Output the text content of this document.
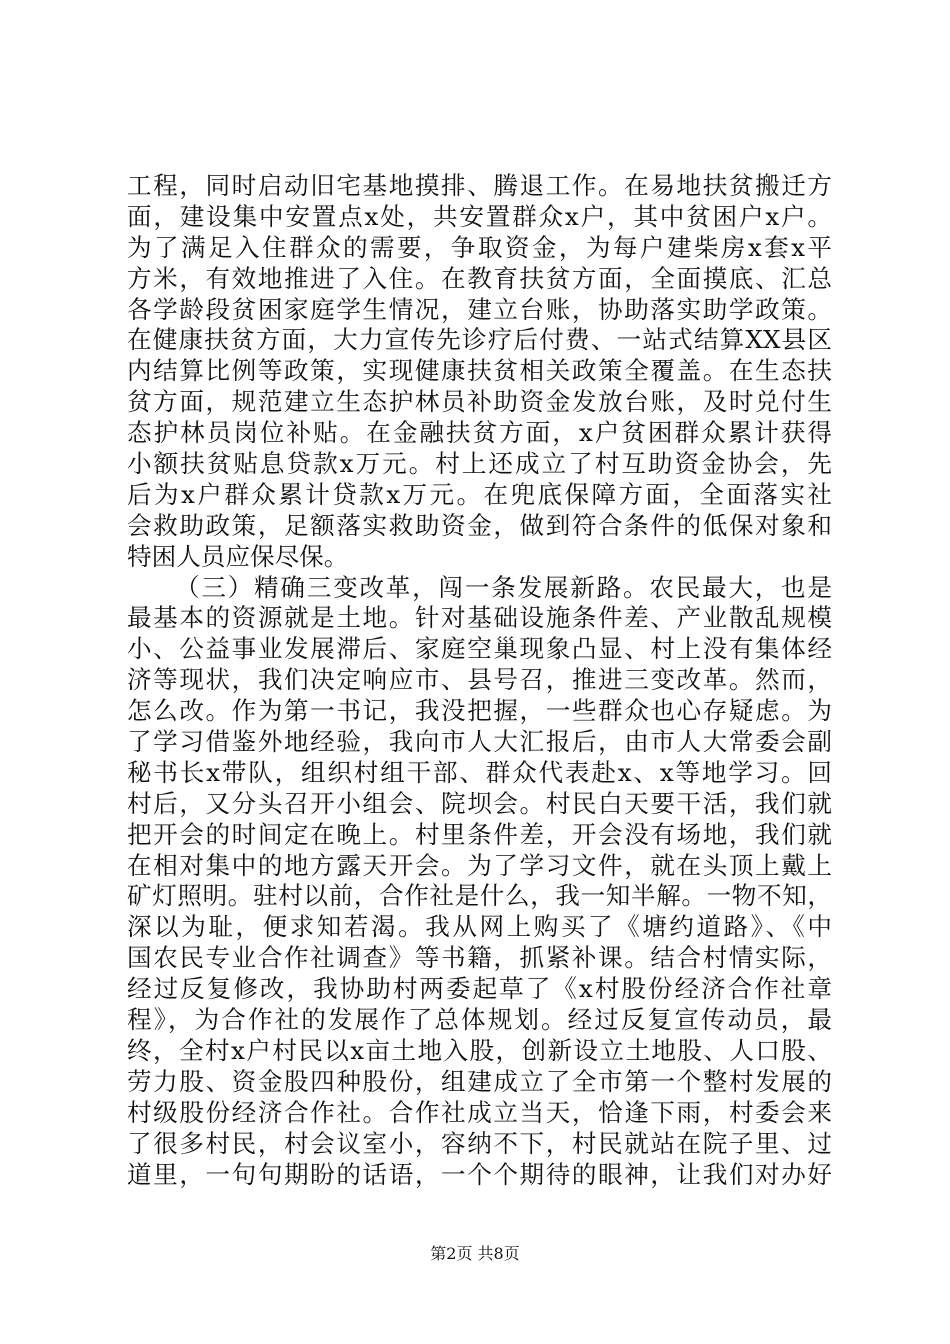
工程，同时启动旧宅基地摸排、腾退工作。在易地扶贫搬迁方
面，建设集中安置点x处，共安置群众x户，其中贫困户x户。
为了满足入住群众的需要，争取资金，为每户建柴房x套x平
方米，有效地推进了入住。在教育扶贫方面，全面摸底、汇总
各学龄段贫困家庭学生情况，建立台账，协助落实助学政策。
在健康扶贫方面，大力宣传先诊疗后付费、一站式结算XX县区
内结算比例等政策，实现健康扶贫相关政策全覆盖。在生态扶
贫方面，规范建立生态护林员补助资金发放台账，及时兑付生
态护林员岗位补贴。在金融扶贫方面，x户贫困群众累计获得
小额扶贫贴息贷款x万元。村上还成立了村互助资金协会，先
后为x户群众累计贷款x万元。在兜底保障方面，全面落实社
会救助政策，足额落实救助资金，做到符合条件的低保对象和
特困人员应保尽保。
（三）精确三变改革，闯一条发展新路。农民最大，也是
最基本的资源就是土地。针对基础设施条件差、产业散乱规模
小、公益事业发展滞后、家庭空巢现象凸显、村上没有集体经
济等现状，我们决定响应市、县号召，推进三变改革。然而，
怎么改。作为第一书记，我没把握，一些群众也心存疑虑。为
了学习借鉴外地经验，我向市人大汇报后，由市人大常委会副
秘书长x带队，组织村组干部、群众代表赴x、x等地学习。回
村后，又分头召开小组会、院坝会。村民白天要干活，我们就
把开会的时间定在晚上。村里条件差，开会没有场地，我们就
在相对集中的地方露天开会。为了学习文件，就在头顶上戴上
矿灯照明。驻村以前，合作社是什么，我一知半解。一物不知，
深以为耻，便求知若渴。我从网上购买了《塘约道路》、《中
国农民专业合作社调查》等书籍，抓紧补课。结合村情实际，
经过反复修改，我协助村两委起草了《x村股份经济合作社章
程》，为合作社的发展作了总体规划。经过反复宣传动员，最
终，全村x户村民以x亩土地入股，创新设立土地股、人口股、
劳力股、资金股四种股份，组建成立了全市第一个整村发展的
村级股份经济合作社。合作社成立当天，恰逢下雨，村委会来
了很多村民，村会议室小，容纳不下，村民就站在院子里、过
道里，一句句期盼的话语，一个个期待的眼神，让我们对办好
第2页 共8页
